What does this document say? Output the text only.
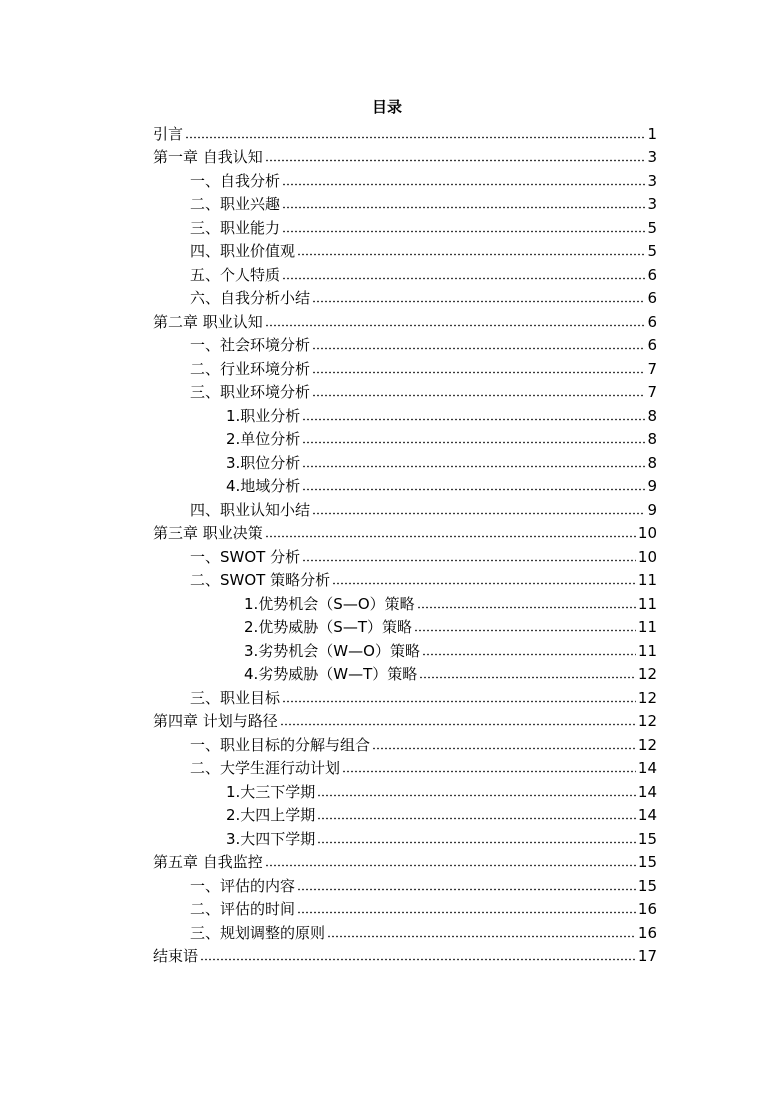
目录
引言	1
第一章 自我认知	3
一、自我分析	3
二、职业兴趣	3
三、职业能力	5
四、职业价值观	5
五、个人特质	6
六、自我分析小结	6
第二章 职业认知	6
一、社会环境分析	6
二、行业环境分析	7
三、职业环境分析	7
1.职业分析	8
2.单位分析	8
3.职位分析	8
4.地域分析	9
四、职业认知小结	9
第三章 职业决策	10
一、SWOT 分析	10
二、SWOT 策略分析	11
1.优势机会（S—O）策略	11
2.优势威胁（S—T）策略	11
3.劣势机会（W—O）策略	11
4.劣势威胁（W—T）策略	12
三、职业目标	12
第四章 计划与路径	12
一、职业目标的分解与组合	12
二、大学生涯行动计划	14
1.大三下学期	14
2.大四上学期	14
3.大四下学期	15
第五章 自我监控	15
一、评估的内容	15
二、评估的时间	16
三、规划调整的原则	16
结束语	17
